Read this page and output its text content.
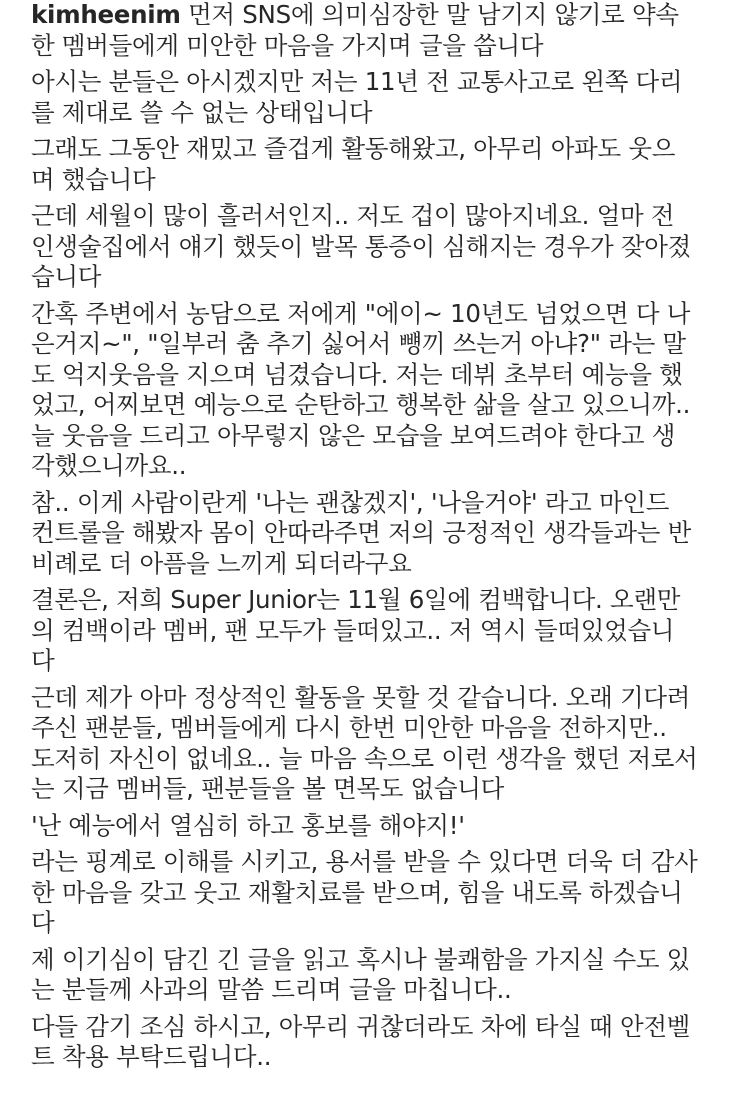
kimheenim 먼저 SNS에 의미심장한 말 남기지 않기로 약속
한 멤버들에게 미안한 마음을 가지며 글을 씁니다

아시는 분들은 아시겠지만 저는 11년 전 교통사고로 왼쪽 다리
를 제대로 쓸 수 없는 상태입니다

그래도 그동안 재밌고 즐겁게 활동해왔고, 아무리 아파도 웃으
며 했습니다

근데 세월이 많이 흘러서인지.. 저도 겁이 많아지네요. 얼마 전
인생술집에서 얘기 했듯이 발목 통증이 심해지는 경우가 잦아졌
습니다

간혹 주변에서 농담으로 저에게 "에이~ 10년도 넘었으면 다 나
은거지~", "일부러 춤 추기 싫어서 뻉끼 쓰는거 아냐?" 라는 말
도 억지웃음을 지으며 넘겼습니다. 저는 데뷔 초부터 예능을 했
었고, 어찌보면 예능으로 순탄하고 행복한 삶을 살고 있으니까..
늘 웃음을 드리고 아무렇지 않은 모습을 보여드려야 한다고 생
각했으니까요..

참.. 이게 사람이란게 '나는 괜찮겠지', '나을거야' 라고 마인드
컨트롤을 해봤자 몸이 안따라주면 저의 긍정적인 생각들과는 반
비례로 더 아픔을 느끼게 되더라구요

결론은, 저희 Super Junior는 11월 6일에 컴백합니다. 오랜만
의 컴백이라 멤버, 팬 모두가 들떠있고.. 저 역시 들떠있었습니
다

근데 제가 아마 정상적인 활동을 못할 것 같습니다. 오래 기다려
주신 팬분들, 멤버들에게 다시 한번 미안한 마음을 전하지만..
도저히 자신이 없네요.. 늘 마음 속으로 이런 생각을 했던 저로서
는 지금 멤버들, 팬분들을 볼 면목도 없습니다

'난 예능에서 열심히 하고 홍보를 해야지!'

라는 핑계로 이해를 시키고, 용서를 받을 수 있다면 더욱 더 감사
한 마음을 갖고 웃고 재활치료를 받으며, 힘을 내도록 하겠습니
다

제 이기심이 담긴 긴 글을 읽고 혹시나 불쾌함을 가지실 수도 있
는 분들께 사과의 말씀 드리며 글을 마칩니다..

다들 감기 조심 하시고, 아무리 귀찮더라도 차에 타실 때 안전벨
트 착용 부탁드립니다..
